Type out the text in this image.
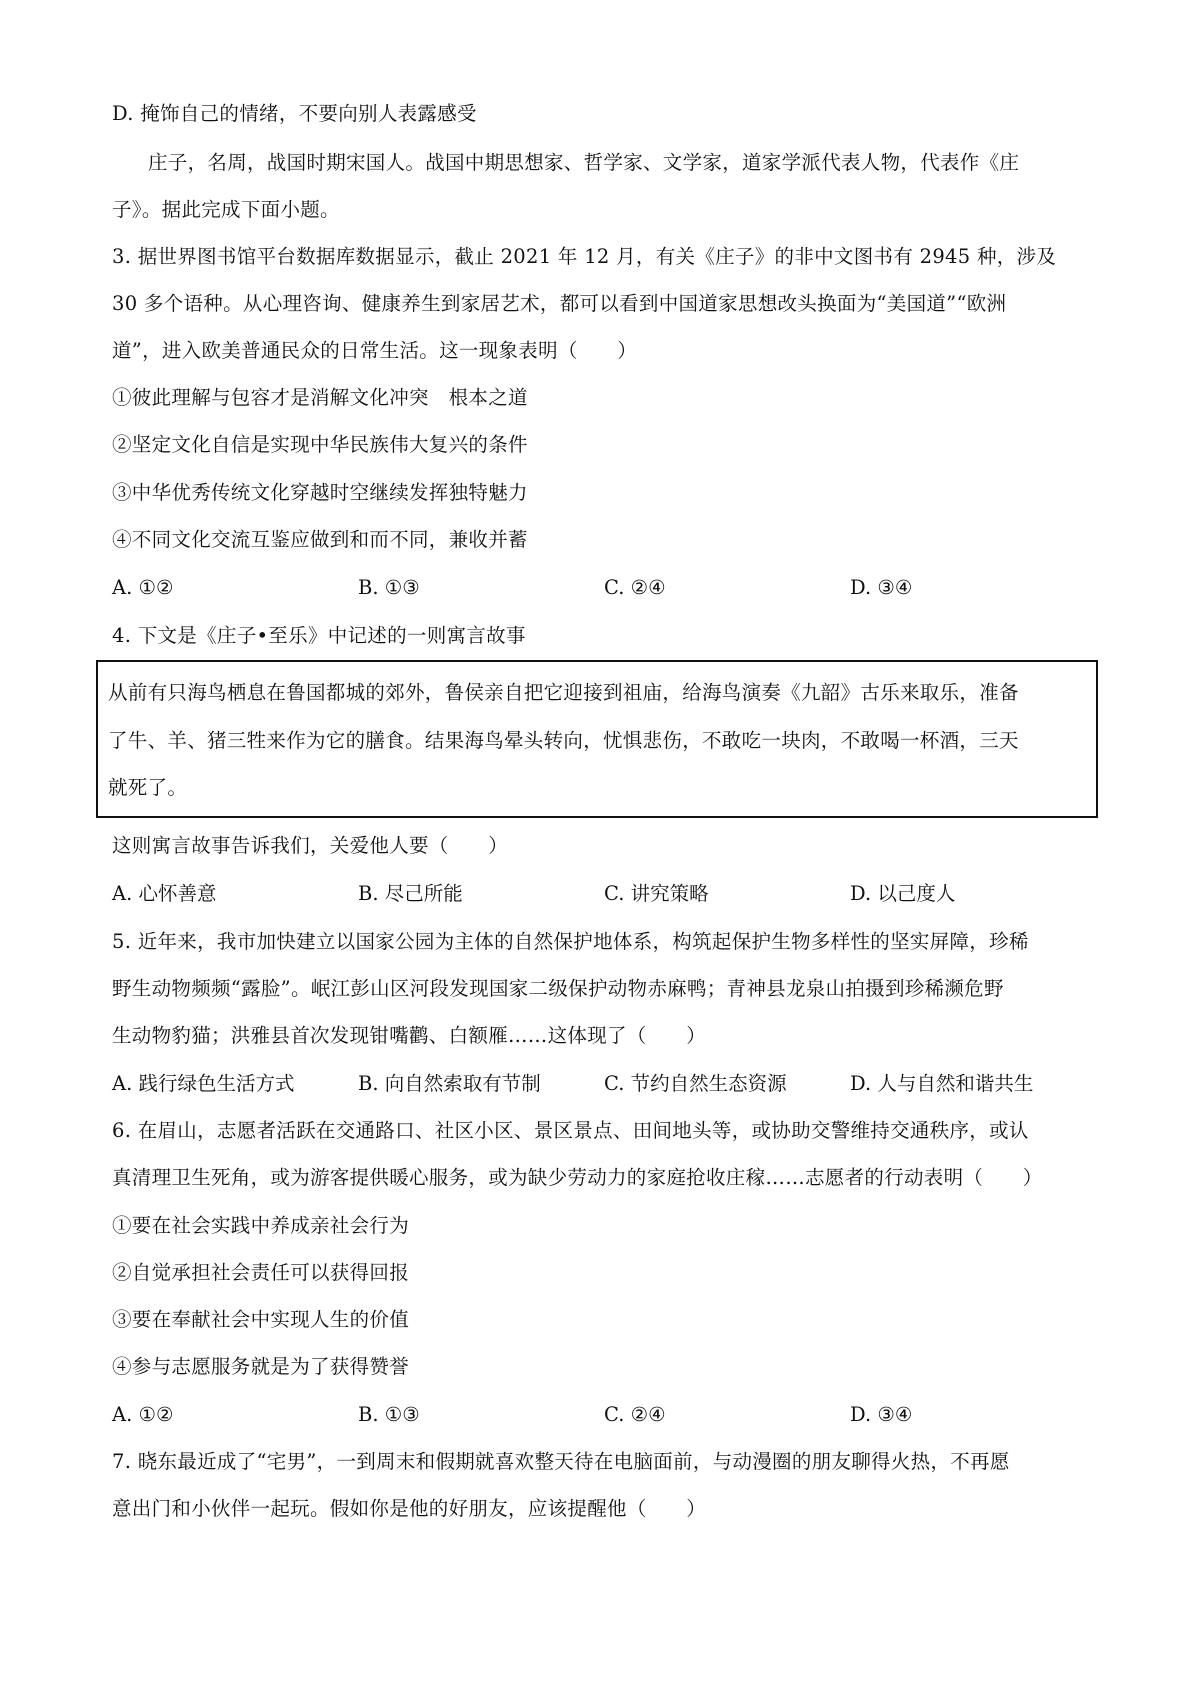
D. 掩饰自己的情绪，不要向别人表露感受
庄子，名周，战国时期宋国人。战国中期思想家、哲学家、文学家，道家学派代表人物，代表作《庄
子》。据此完成下面小题。
3. 据世界图书馆平台数据库数据显示，截止 2021 年 12 月，有关《庄子》的非中文图书有 2945 种，涉及
30 多个语种。从心理咨询、健康养生到家居艺术，都可以看到中国道家思想改头换面为“美国道”“欧洲
道”，进入欧美普通民众的日常生活。这一现象表明（　　）
①彼此理解与包容才是消解文化冲突　根本之道
②坚定文化自信是实现中华民族伟大复兴的条件
③中华优秀传统文化穿越时空继续发挥独特魅力
④不同文化交流互鉴应做到和而不同，兼收并蓄
A. ①②	B. ①③	C. ②④	D. ③④
4. 下文是《庄子•至乐》中记述的一则寓言故事
从前有只海鸟栖息在鲁国都城的郊外，鲁侯亲自把它迎接到祖庙，给海鸟演奏《九韶》古乐来取乐，准备
了牛、羊、猪三牲来作为它的膳食。结果海鸟晕头转向，忧惧悲伤，不敢吃一块肉，不敢喝一杯酒，三天
就死了。
这则寓言故事告诉我们，关爱他人要（　　）
A. 心怀善意	B. 尽己所能	C. 讲究策略	D. 以己度人
5. 近年来，我市加快建立以国家公园为主体的自然保护地体系，构筑起保护生物多样性的坚实屏障，珍稀
野生动物频频“露脸”。岷江彭山区河段发现国家二级保护动物赤麻鸭；青神县龙泉山拍摄到珍稀濒危野
生动物豹猫；洪雅县首次发现钳嘴鹳、白额雁……这体现了（　　）
A. 践行绿色生活方式	B. 向自然索取有节制	C. 节约自然生态资源	D. 人与自然和谐共生
6. 在眉山，志愿者活跃在交通路口、社区小区、景区景点、田间地头等，或协助交警维持交通秩序，或认
真清理卫生死角，或为游客提供暖心服务，或为缺少劳动力的家庭抢收庄稼……志愿者的行动表明（　　）
①要在社会实践中养成亲社会行为
②自觉承担社会责任可以获得回报
③要在奉献社会中实现人生的价值
④参与志愿服务就是为了获得赞誉
A. ①②	B. ①③	C. ②④	D. ③④
7. 晓东最近成了“宅男”，一到周末和假期就喜欢整天待在电脑面前，与动漫圈的朋友聊得火热，不再愿
意出门和小伙伴一起玩。假如你是他的好朋友，应该提醒他（　　）
